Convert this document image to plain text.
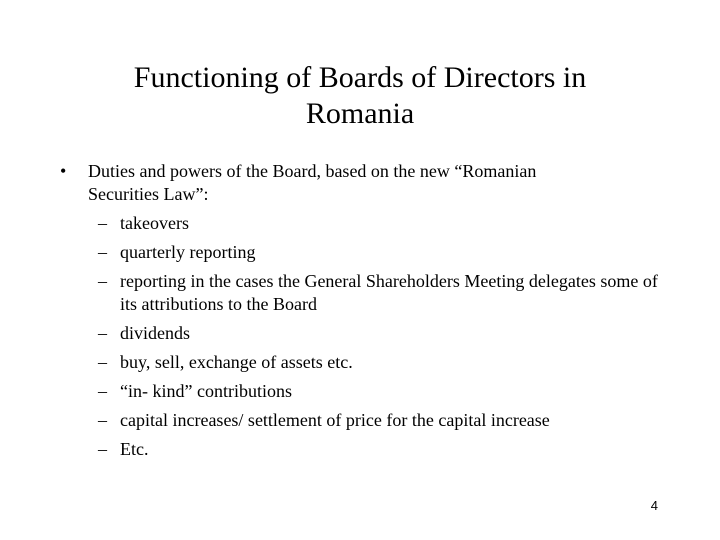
Functioning of Boards of Directors in
Romania
• Duties and powers of the Board, based on the new “Romanian
Securities Law”:
– takeovers
– quarterly reporting
– reporting in the cases the General Shareholders Meeting delegates some of its attributions to the Board
– dividends
– buy, sell, exchange of assets etc.
– “in- kind” contributions
– capital increases/ settlement of price for the capital increase
– Etc.
4
